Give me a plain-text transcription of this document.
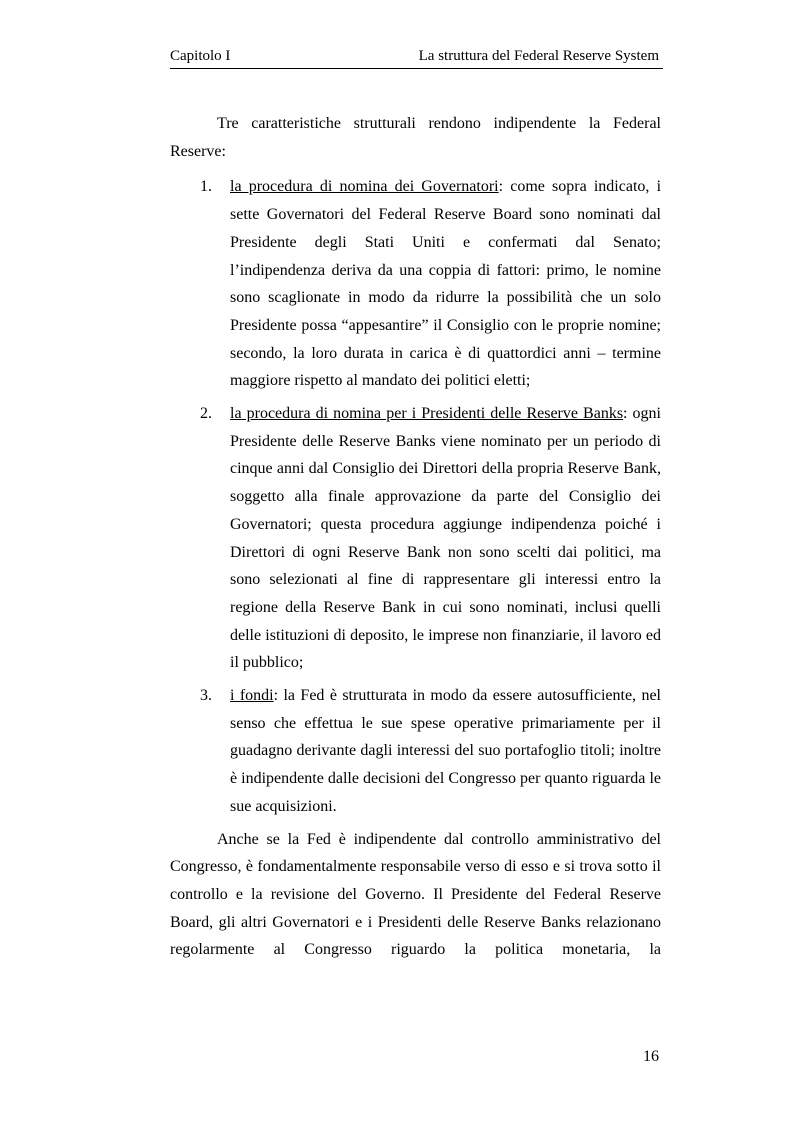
Capitolo I	La struttura del Federal Reserve System

Tre caratteristiche strutturali rendono indipendente la Federal Reserve:

1. la procedura di nomina dei Governatori: come sopra indicato, i sette Governatori del Federal Reserve Board sono nominati dal Presidente degli Stati Uniti e confermati dal Senato; l’indipendenza deriva da una coppia di fattori: primo, le nomine sono scaglionate in modo da ridurre la possibilità che un solo Presidente possa “appesantire” il Consiglio con le proprie nomine; secondo, la loro durata in carica è di quattordici anni – termine maggiore rispetto al mandato dei politici eletti;
2. la procedura di nomina per i Presidenti delle Reserve Banks: ogni Presidente delle Reserve Banks viene nominato per un periodo di cinque anni dal Consiglio dei Direttori della propria Reserve Bank, soggetto alla finale approvazione da parte del Consiglio dei Governatori; questa procedura aggiunge indipendenza poiché i Direttori di ogni Reserve Bank non sono scelti dai politici, ma sono selezionati al fine di rappresentare gli interessi entro la regione della Reserve Bank in cui sono nominati, inclusi quelli delle istituzioni di deposito, le imprese non finanziarie, il lavoro ed il pubblico;
3. i fondi: la Fed è strutturata in modo da essere autosufficiente, nel senso che effettua le sue spese operative primariamente per il guadagno derivante dagli interessi del suo portafoglio titoli; inoltre è indipendente dalle decisioni del Congresso per quanto riguarda le sue acquisizioni.

Anche se la Fed è indipendente dal controllo amministrativo del Congresso, è fondamentalmente responsabile verso di esso e si trova sotto il controllo e la revisione del Governo. Il Presidente del Federal Reserve Board, gli altri Governatori e i Presidenti delle Reserve Banks relazionano regolarmente al Congresso riguardo la politica monetaria, la

16
